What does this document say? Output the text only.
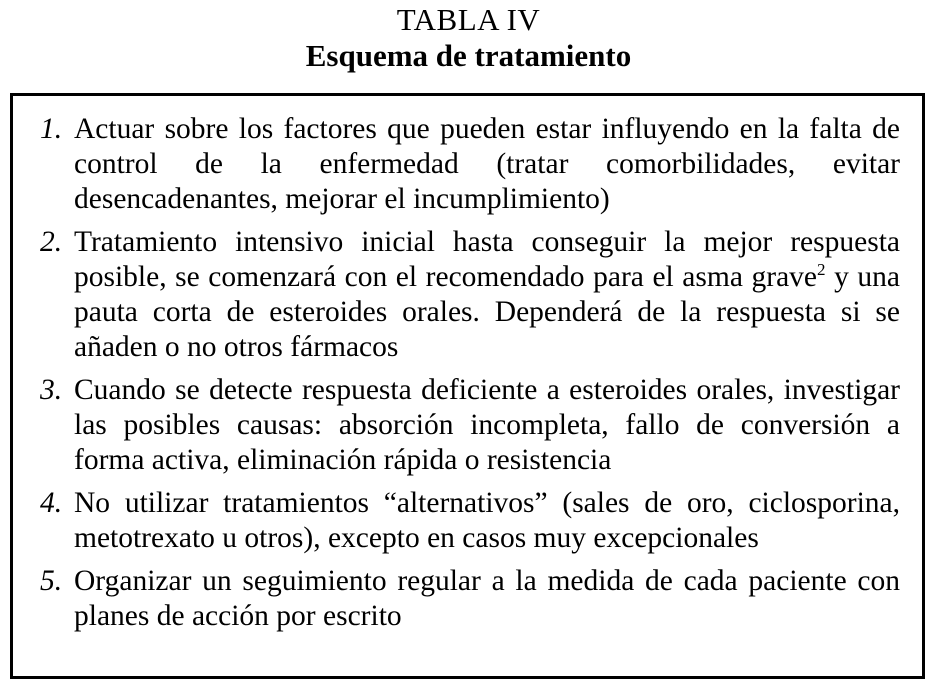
TABLA IV
Esquema de tratamiento
1. Actuar sobre los factores que pueden estar influyendo en la falta de control de la enfermedad (tratar comorbilidades, evitar desencadenantes, mejorar el incumplimiento)
2. Tratamiento intensivo inicial hasta conseguir la mejor respuesta posible, se comenzará con el recomendado para el asma grave$^2$ y una pauta corta de esteroides orales. Dependerá de la respuesta si se añaden o no otros fármacos
3. Cuando se detecte respuesta deficiente a esteroides orales, investigar las posibles causas: absorción incompleta, fallo de conversión a forma activa, eliminación rápida o resistencia
4. No utilizar tratamientos “alternativos” (sales de oro, ciclosporina, metotrexato u otros), excepto en casos muy excepcionales
5. Organizar un seguimiento regular a la medida de cada paciente con planes de acción por escrito
